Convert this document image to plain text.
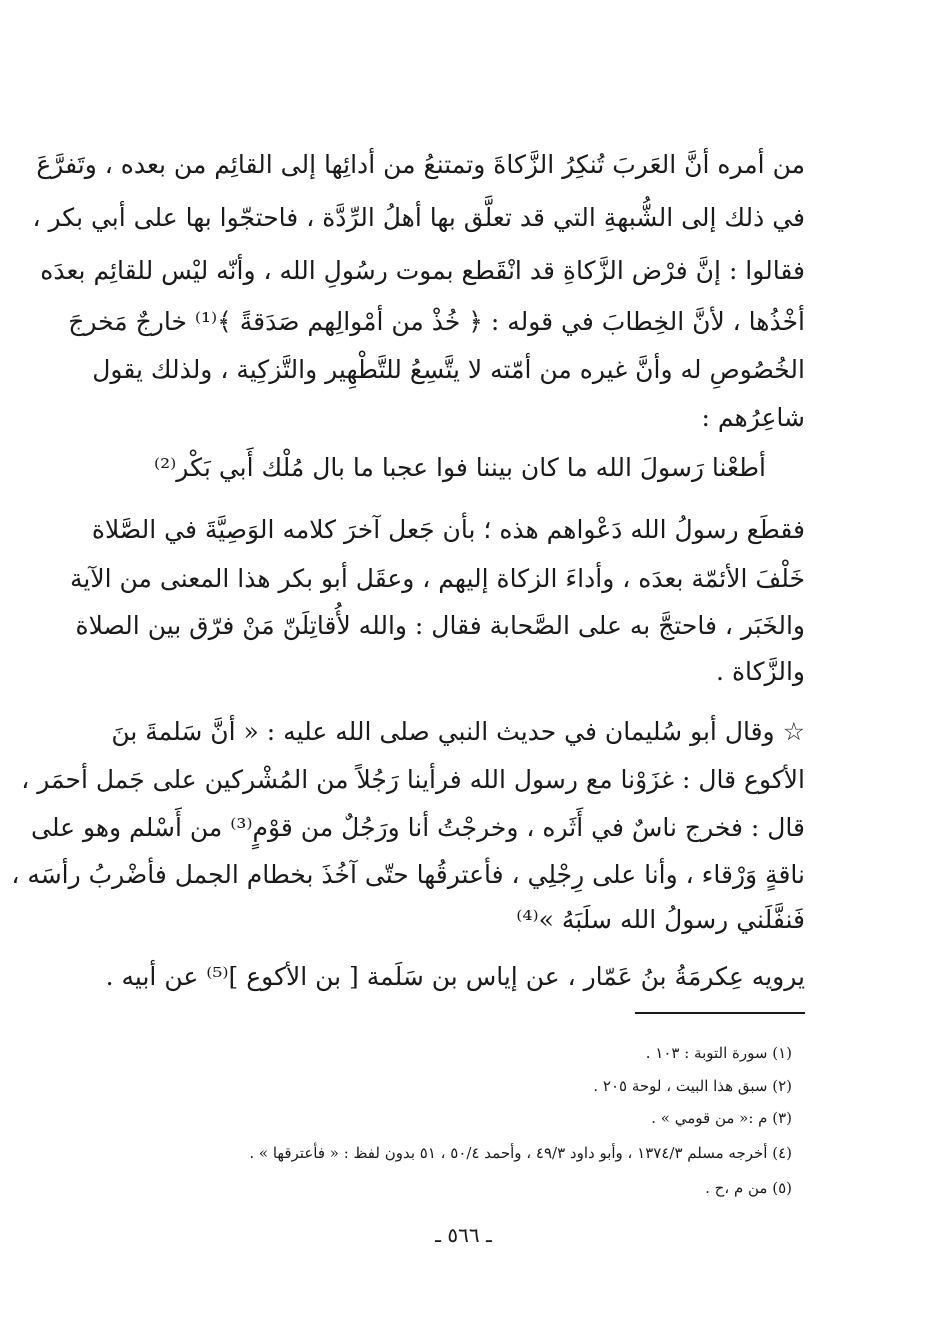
من أمره أنَّ العَربَ تُنكِرُ الزَّكاةَ وتمتنعُ من أدائِها إلى القائِم من بعده ، وتَفرَّعَ
في ذلك إلى الشُّبهةِ التي قد تعلَّق بها أهلُ الرِّدَّة ، فاحتجّوا بها على أبي بكر ،
فقالوا : إنَّ فرْض الزَّكاةِ قد انْقَطع بموت رسُولِ الله ، وأنّه ليْس للقائِم بعدَه
أخْذُها ، لأنَّ الخِطابَ في قوله : ﴿ خُذْ من أمْوالِهم صَدَقةً ﴾⁽¹⁾ خارجٌ مَخرجَ
الخُصُوصِ له وأنَّ غيره من أمّته لا يتَّسِعُ للتَّطْهِير والتَّزكِية ، ولذلك يقول
شاعِرُهم :
أطعْنا رَسولَ الله ما كان بيننا فوا عجبا ما بال مُلْك أَبي بَكْر⁽²⁾
فقطَع رسولُ الله دَعْواهم هذه ؛ بأن جَعل آخرَ كلامه الوَصِيَّةَ في الصَّلاة
خَلْفَ الأئمّة بعدَه ، وأداءَ الزكاة إليهم ، وعقَل أبو بكر هذا المعنى من الآية
والخَبَر ، فاحتجَّ به على الصَّحابة فقال : والله لأُقاتِلَنّ مَنْ فرّق بين الصلاة
والزَّكاة .
☆ وقال أبو سُليمان في حديث النبي صلى الله عليه : « أنَّ سَلمةَ بنَ
الأكوع قال : غزَوْنا مع رسول الله فرأينا رَجُلاً من المُشْركين على جَمل أحمَر ،
قال : فخرج ناسٌ في أَثَره ، وخرجْتُ أنا ورَجُلٌ من قوْمٍ⁽³⁾ من أَسْلم وهو على
ناقةٍ وَرْقاء ، وأنا على رِجْلِي ، فأعترقُها حتّى آخُذَ بخطام الجمل فأضْربُ رأسَه ،
فَنفَّلَني رسولُ الله سلَبَهُ »⁽⁴⁾
يرويه عِكرمَةُ بنُ عَمّار ، عن إياس بن سَلَمة [ بن الأكوع ]⁽⁵⁾ عن أبيه .
(١) سورة التوبة : ١٠٣ .
(٢) سبق هذا البيت ، لوحة ٢٠٥ .
(٣) م :« من قومي » .
(٤) أخرجه مسلم ١٣٧٤/٣ ، وأبو داود ٤٩/٣ ، وأحمد ٥٠/٤ ، ٥١ بدون لفظ : « فأعترقها » .
(٥) من م ،ح .
ـ ٥٦٦ ـ
